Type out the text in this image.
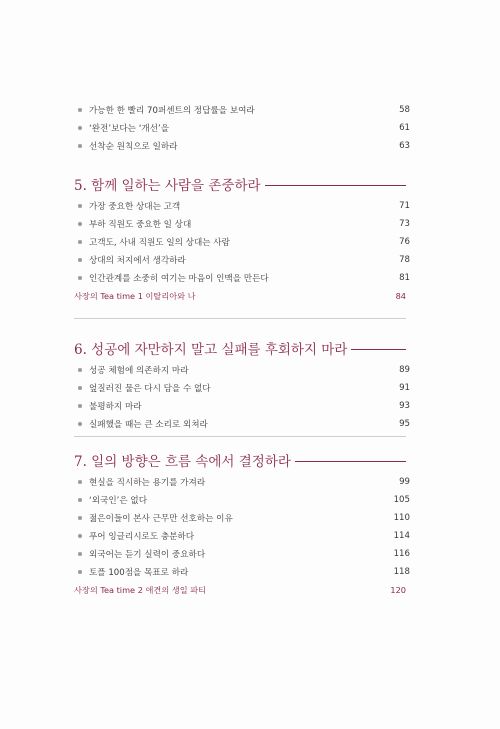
가능한 한 빨리 70퍼센트의 정답률을 보여라	58
‘완전’보다는 ‘개선’을	61
선착순 원칙으로 일하라	63
5. 함께 일하는 사람을 존중하라
가장 중요한 상대는 고객	71
부하 직원도 중요한 일 상대	73
고객도, 사내 직원도 일의 상대는 사람	76
상대의 처지에서 생각하라	78
인간관계를 소중히 여기는 마음이 인맥을 만든다	81
사장의 Tea time 1 이탈리아와 나	84
6. 성공에 자만하지 말고 실패를 후회하지 마라
성공 체험에 의존하지 마라	89
엎질러진 물은 다시 담을 수 없다	91
불평하지 마라	93
실패했을 때는 큰 소리로 외쳐라	95
7. 일의 방향은 흐름 속에서 결정하라
현실을 직시하는 용기를 가져라	99
‘외국인’은 없다	105
젊은이들이 본사 근무만 선호하는 이유	110
푸어 잉글리시로도 충분하다	114
외국어는 듣기 실력이 중요하다	116
토플 100점을 목표로 하라	118
사장의 Tea time 2 애견의 생일 파티	120
